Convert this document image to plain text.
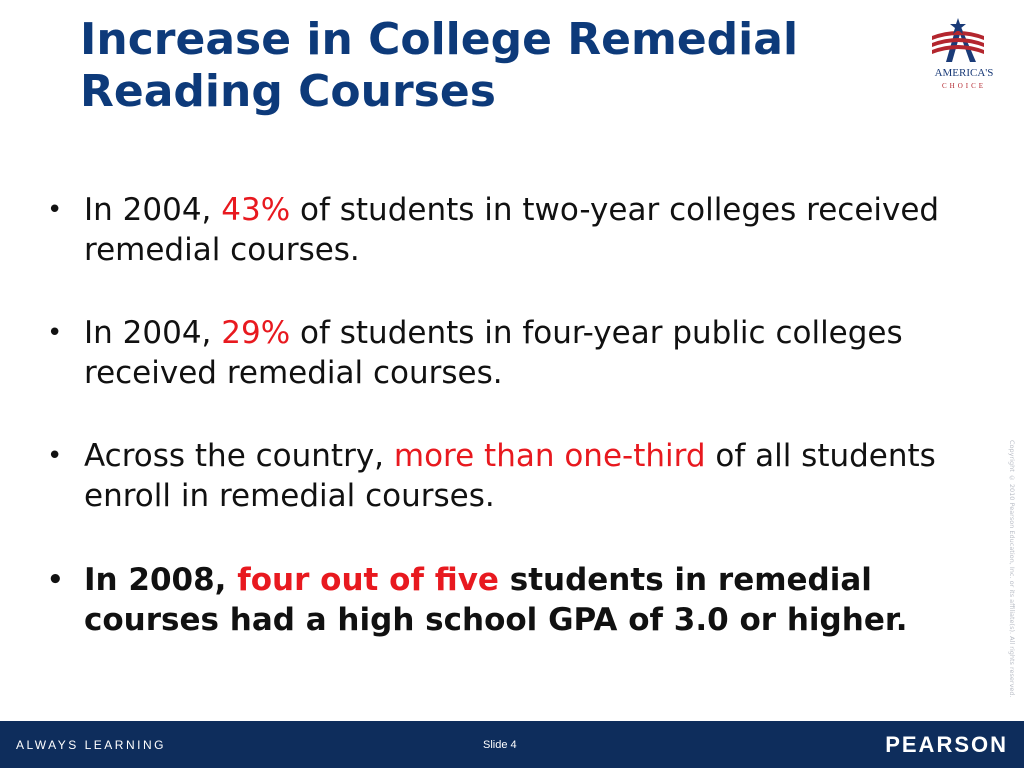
Increase in College Remedial
Reading Courses	AMERICA'S
CHOICE
• In 2004, 43% of students in two-year colleges received remedial courses.
• In 2004, 29% of students in four-year public colleges received remedial courses.
• Across the country, more than one-third of all students enroll in remedial courses.
• In 2008, four out of five students in remedial courses had a high school GPA of 3.0 or higher.	Copyright © 2010 Pearson Education, Inc. or its affiliate(s). All rights reserved.
ALWAYS LEARNING	Slide 4	PEARSON
